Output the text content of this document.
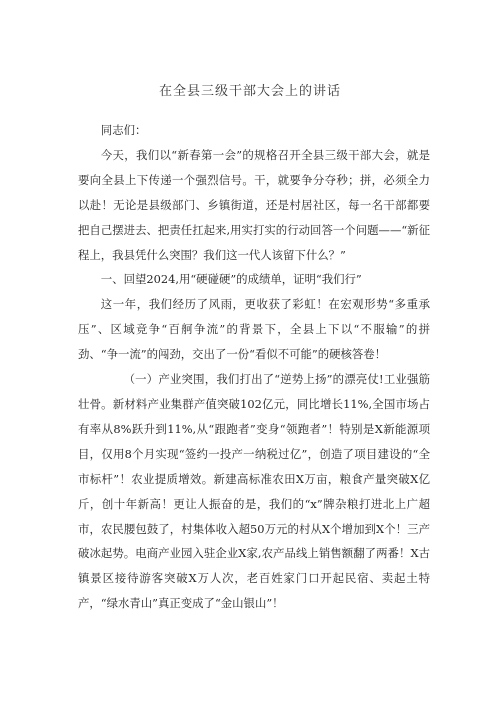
在全县三级干部大会上的讲话

同志们：

今天，我们以“新春第一会”的规格召开全县三级干部大会，就是要向全县上下传递一个强烈信号。干，就要争分夺秒；拼，必须全力以赴！无论是县级部门、乡镇街道，还是村居社区，每一名干部都要把自己摆进去、把责任扛起来,用实打实的行动回答一个问题——“新征程上，我县凭什么突围？我们这一代人该留下什么？”

一、回望2024,用“硬碰硬”的成绩单，证明“我们行”

这一年，我们经历了风雨，更收获了彩虹！在宏观形势“多重承压”、区域竞争“百舸争流”的背景下，全县上下以“不服输”的拼劲、“争一流”的闯劲，交出了一份“看似不可能”的硬核答卷！

（一）产业突围，我们打出了“逆势上扬”的漂亮仗!工业强筋壮骨。新材料产业集群产值突破102亿元，同比增长11%,全国市场占有率从8%跃升到11%,从“跟跑者”变身“领跑者”！特别是X新能源项目，仅用8个月实现“签约一投产一纳税过亿”，创造了项目建设的“全市标杆”！农业提质增效。新建高标准农田X万亩，粮食产量突破X亿斤，创十年新高！更让人振奋的是，我们的“x”牌杂粮打进北上广超市，农民腰包鼓了，村集体收入超50万元的村从X个增加到X个！三产破冰起势。电商产业园入驻企业X家,农产品线上销售额翻了两番！X古镇景区接待游客突破X万人次，老百姓家门口开起民宿、卖起土特产，“绿水青山”真正变成了“金山银山”！
